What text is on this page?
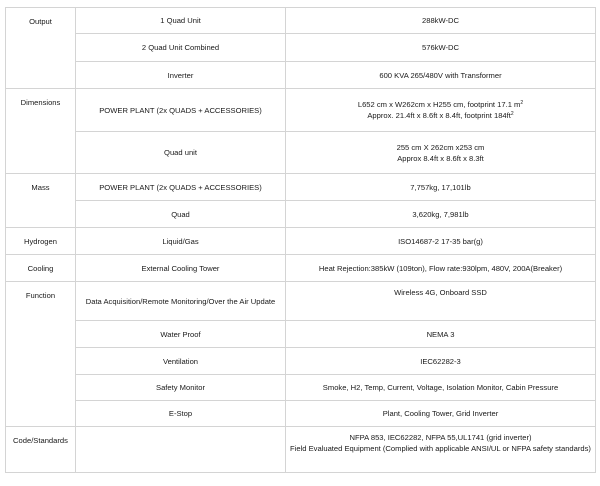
Output	1 Quad Unit	288kW-DC
	2 Quad Unit Combined	576kW-DC
	Inverter	600 KVA 265/480V with Transformer
Dimensions	POWER PLANT (2x QUADS + ACCESSORIES)	L652 cm x W262cm x H255 cm, footprint 17.1 $m^2$
Approx. 21.4ft x 8.6ft x 8.4ft, footprint $184ft^2$

	Quad unit	255 cm X 262cm x253 cm
Approx 8.4ft x 8.6ft x 8.3ft

Mass	POWER PLANT (2x QUADS + ACCESSORIES)	7,757kg, 17,101lb
	Quad	3,620kg, 7,981lb
Hydrogen	Liquid/Gas	ISO14687-2 17-35 bar(g)
Cooling	External Cooling Tower	Heat Rejection:385kW (109ton), Flow rate:930lpm, 480V, 200A(Breaker)
Function	Data Acquisition/Remote Monitoring/Over the Air Update	Wireless 4G, Onboard SSD
	Water Proof	NEMA 3
	Ventilation	IEC62282-3
	Safety Monitor	Smoke, H2, Temp, Current, Voltage, Isolation Monitor, Cabin Pressure
	E-Stop	Plant, Cooling Tower, Grid Inverter
Code/Standards		NFPA 853, IEC62282, NFPA 55,UL1741 (grid inverter)
Field Evaluated Equipment (Complied with applicable ANSI/UL or NFPA safety standards)
